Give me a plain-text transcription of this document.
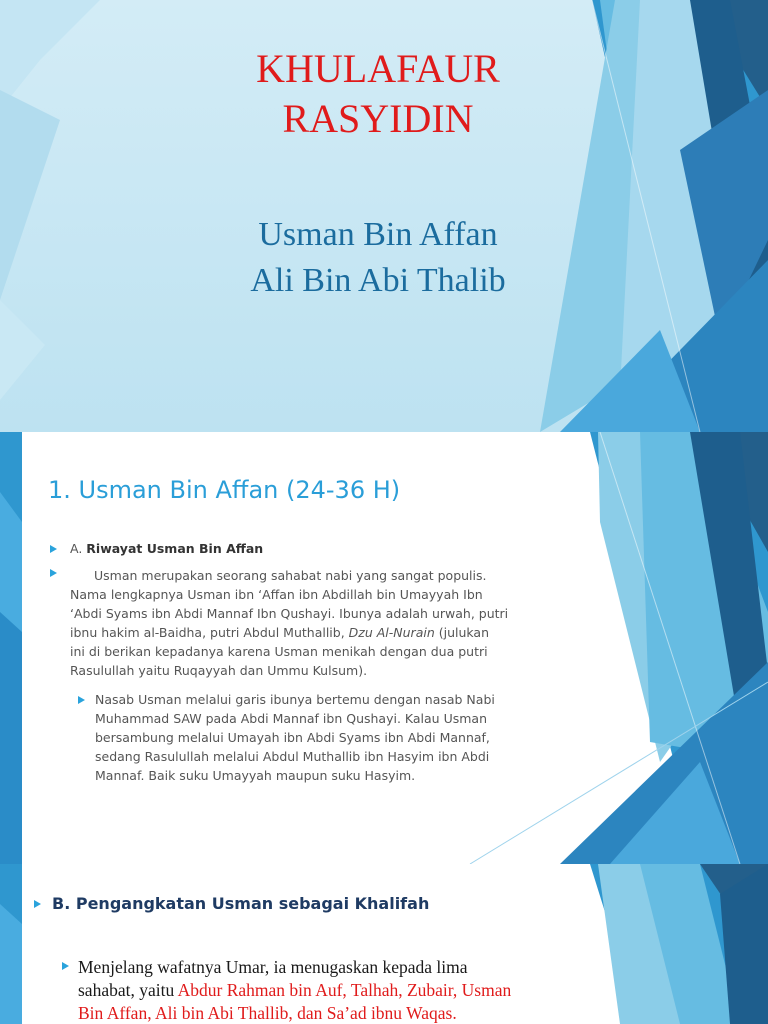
KHULAFAUR
RASYIDIN
Usman Bin Affan
Ali Bin Abi Thalib
1. Usman Bin Affan (24-36 H)
A. Riwayat Usman Bin Affan
Usman merupakan seorang sahabat nabi yang sangat populis.
Nama lengkapnya Usman ibn ‘Affan ibn Abdillah bin Umayyah Ibn
‘Abdi Syams ibn Abdi Mannaf Ibn Qushayi. Ibunya adalah urwah, putri
ibnu hakim al-Baidha, putri Abdul Muthallib, Dzu Al-Nurain (julukan
ini di berikan kepadanya karena Usman menikah dengan dua putri
Rasulullah yaitu Ruqayyah dan Ummu Kulsum).
Nasab Usman melalui garis ibunya bertemu dengan nasab Nabi
Muhammad SAW pada Abdi Mannaf ibn Qushayi. Kalau Usman
bersambung melalui Umayah ibn Abdi Syams ibn Abdi Mannaf,
sedang Rasulullah melalui Abdul Muthallib ibn Hasyim ibn Abdi
Mannaf. Baik suku Umayyah maupun suku Hasyim.
B. Pengangkatan Usman sebagai Khalifah
Menjelang wafatnya Umar, ia menugaskan kepada lima
sahabat, yaitu Abdur Rahman bin Auf, Talhah, Zubair, Usman
Bin Affan, Ali bin Abi Thallib, dan Sa’ad ibnu Waqas.
